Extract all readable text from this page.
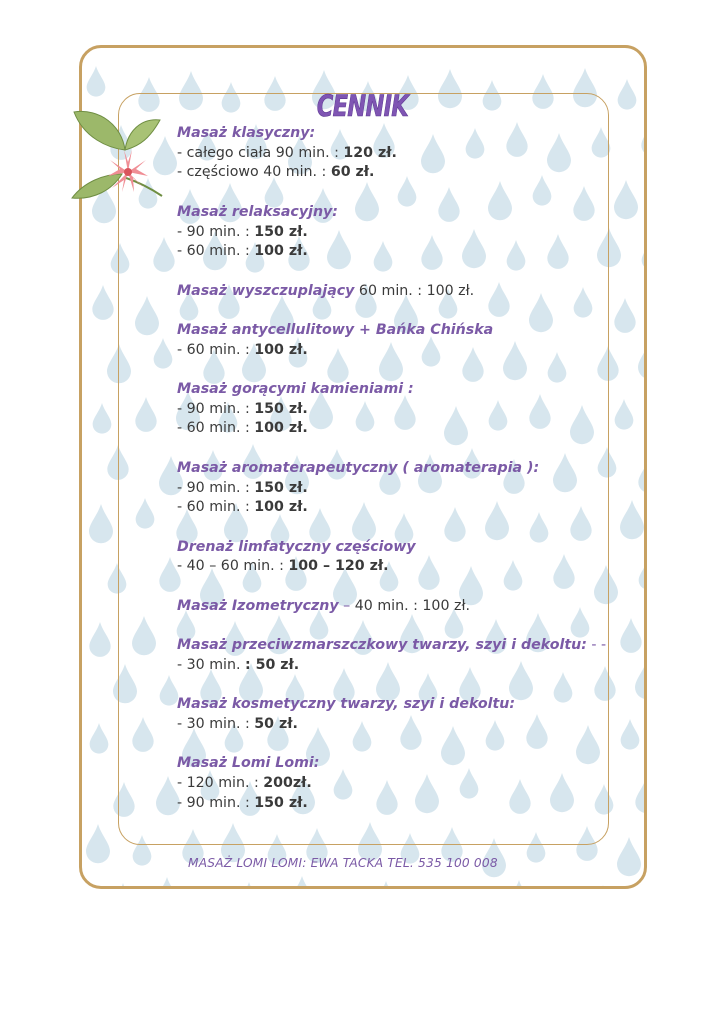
CENNIK
Masaż klasyczny:
- całego ciała 90 min. : 120 zł.
- częściowo 40 min. : 60 zł.
Masaż relaksacyjny:
- 90 min. : 150 zł.
- 60 min. : 100 zł.
Masaż wyszczuplający 60 min. : 100 zł.
Masaż antycellulitowy + Bańka Chińska
- 60 min. : 100 zł.
Masaż gorącymi kamieniami :
- 90 min. : 150 zł.
- 60 min. : 100 zł.
Masaż aromaterapeutyczny ( aromaterapia ):
- 90 min. : 150 zł.
- 60 min. : 100 zł.
Drenaż limfatyczny częściowy
- 40 – 60 min. : 100 – 120 zł.
Masaż Izometryczny – 40 min. : 100 zł.
Masaż przeciwzmarszczkowy twarzy, szyi i dekoltu: - -
- 30 min. : 50 zł.
Masaż kosmetyczny twarzy, szyi i dekoltu:
- 30 min. : 50 zł.
Masaż Lomi Lomi:
- 120 min. : 200zł.
- 90 min. : 150 zł.
MASAŻ LOMI LOMI: EWA TACKA TEL. 535 100 008
